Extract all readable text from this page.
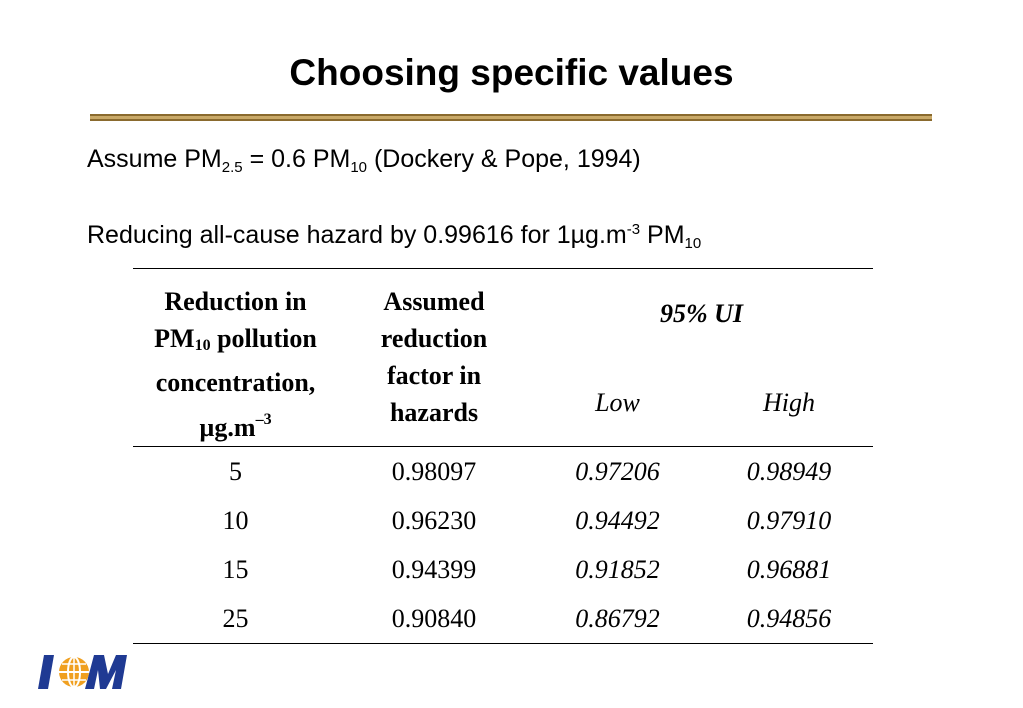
Choosing specific values
Assume $PM_{2.5} = 0.6$ $PM_{10}$ (Dockery & Pope, 1994)
Reducing all-cause hazard by 0.99616 for $1\mu g.m^{-3}$ $PM_{10}$
Reduction in
$PM_{10}$ pollution
concentration,
$\mu g.m^{-3}$	Assumed
reduction
factor in
hazards	95% UI	
		Low	High
5	0.98097	0.97206	0.98949
10	0.96230	0.94492	0.97910
15	0.94399	0.91852	0.96881
25	0.90840	0.86792	0.94856
